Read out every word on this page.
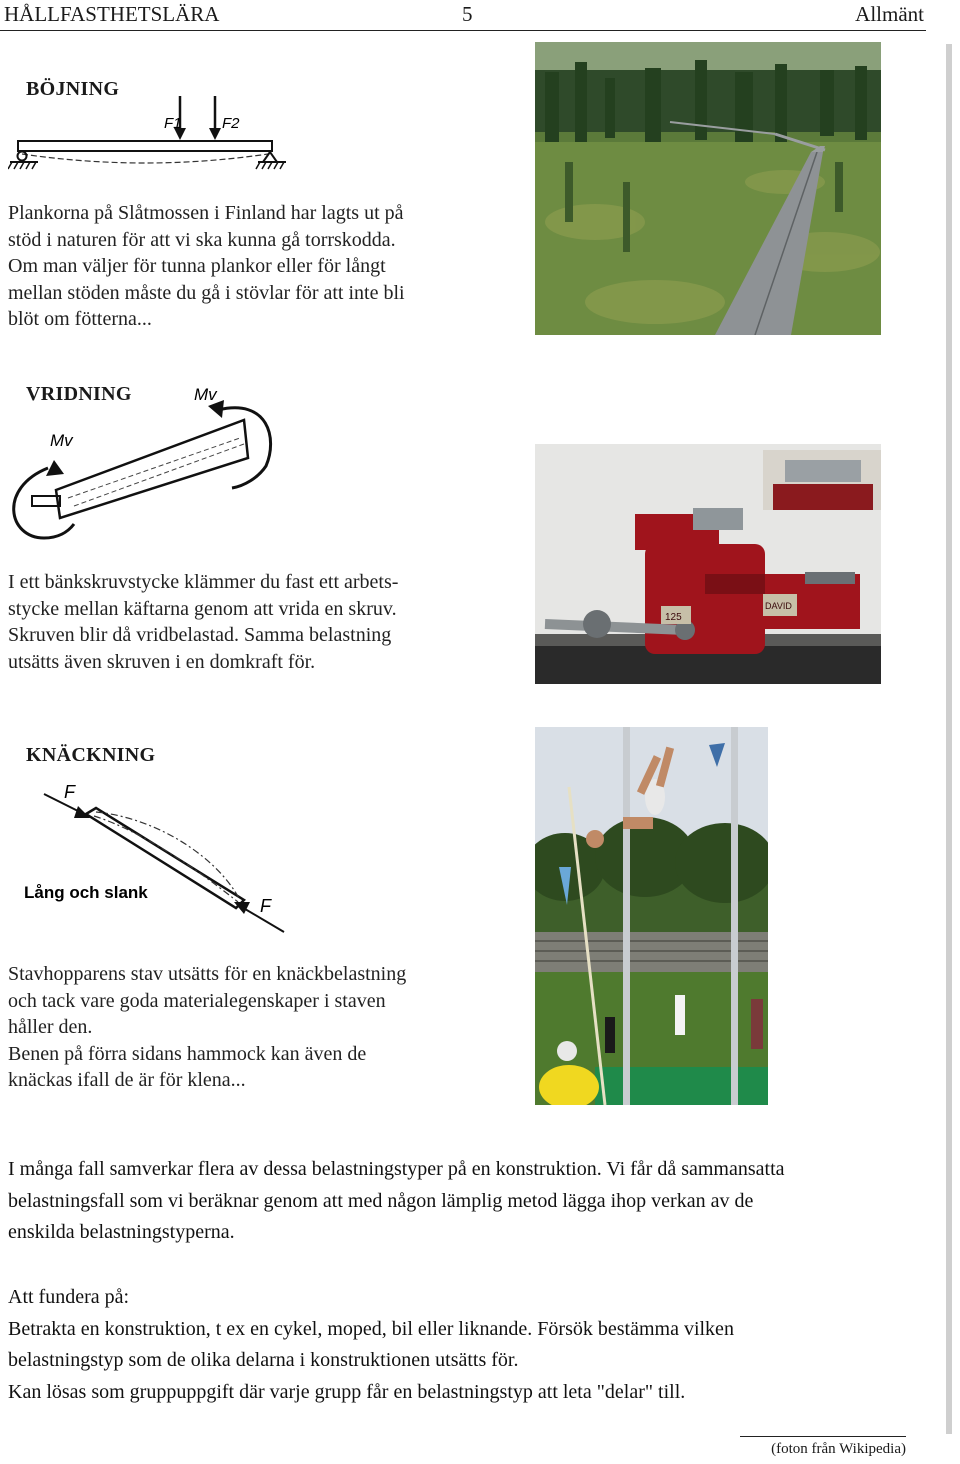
HÅLLFASTHETSLÄRA	5	Allmänt
BÖJNING
F1	F2
Plankorna på Slåtmossen i Finland har lagts ut på
stöd i naturen för att vi ska kunna gå torrskodda.
Om man väljer för tunna plankor eller för långt
mellan stöden måste du gå i stövlar för att inte bli
blöt om fötterna...
VRIDNING	Mv
Mv
I ett bänkskruvstycke klämmer du fast ett arbets-
stycke mellan käftarna genom att vrida en skruv.
Skruven blir då vridbelastad. Samma belastning
utsätts även skruven i en domkraft för.
125
DAVID
KNÄCKNING
F
F
Lång och slank
Stavhopparens stav utsätts för en knäckbelastning
och tack vare goda materialegenskaper i staven
håller den.
Benen på förra sidans hammock kan även de
knäckas ifall de är för klena...
I många fall samverkar flera av dessa belastningstyper på en konstruktion. Vi får då sammansatta
belastningsfall som vi beräknar genom att med någon lämplig metod lägga ihop verkan av de
enskilda belastningstyperna.
Att fundera på:
Betrakta en konstruktion, t ex en cykel, moped, bil eller liknande. Försök bestämma vilken
belastningstyp som de olika delarna i konstruktionen utsätts för.
Kan lösas som gruppuppgift där varje grupp får en belastningstyp att leta "delar" till.
(foton från Wikipedia)
